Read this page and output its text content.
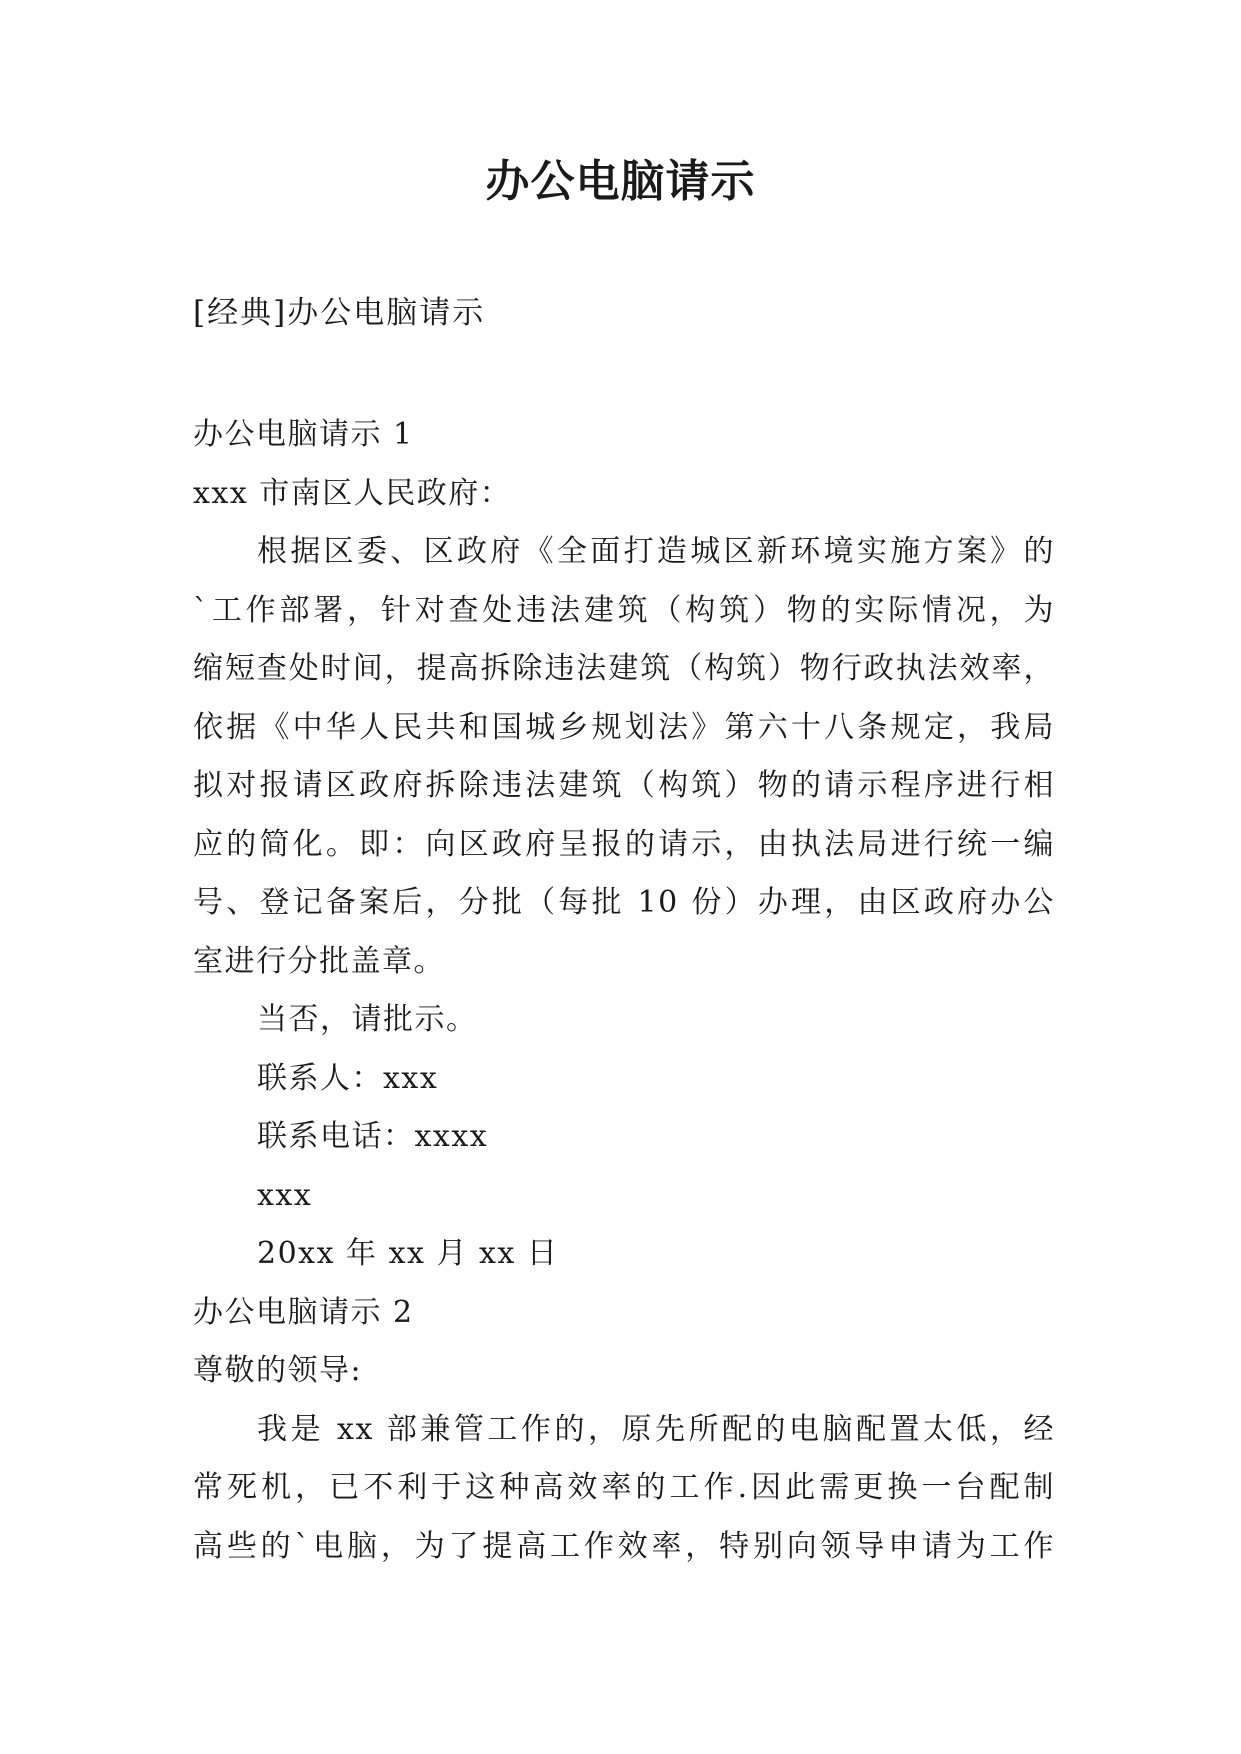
办公电脑请示
[经典]办公电脑请示
办公电脑请示 1
xxx 市南区人民政府：
根据区委、区政府《全面打造城区新环境实施方案》的
`工作部署，针对查处违法建筑（构筑）物的实际情况，为
缩短查处时间，提高拆除违法建筑（构筑）物行政执法效率，
依据《中华人民共和国城乡规划法》第六十八条规定，我局
拟对报请区政府拆除违法建筑（构筑）物的请示程序进行相
应的简化。即：向区政府呈报的请示，由执法局进行统一编
号、登记备案后，分批（每批 10 份）办理，由区政府办公
室进行分批盖章。
当否，请批示。
联系人：xxx
联系电话：xxxx
xxx
20xx 年 xx 月 xx 日
办公电脑请示 2
尊敬的领导:
我是 xx 部兼管工作的，原先所配的电脑配置太低，经
常死机，已不利于这种高效率的工作.因此需更换一台配制
高些的`电脑，为了提高工作效率，特别向领导申请为工作
